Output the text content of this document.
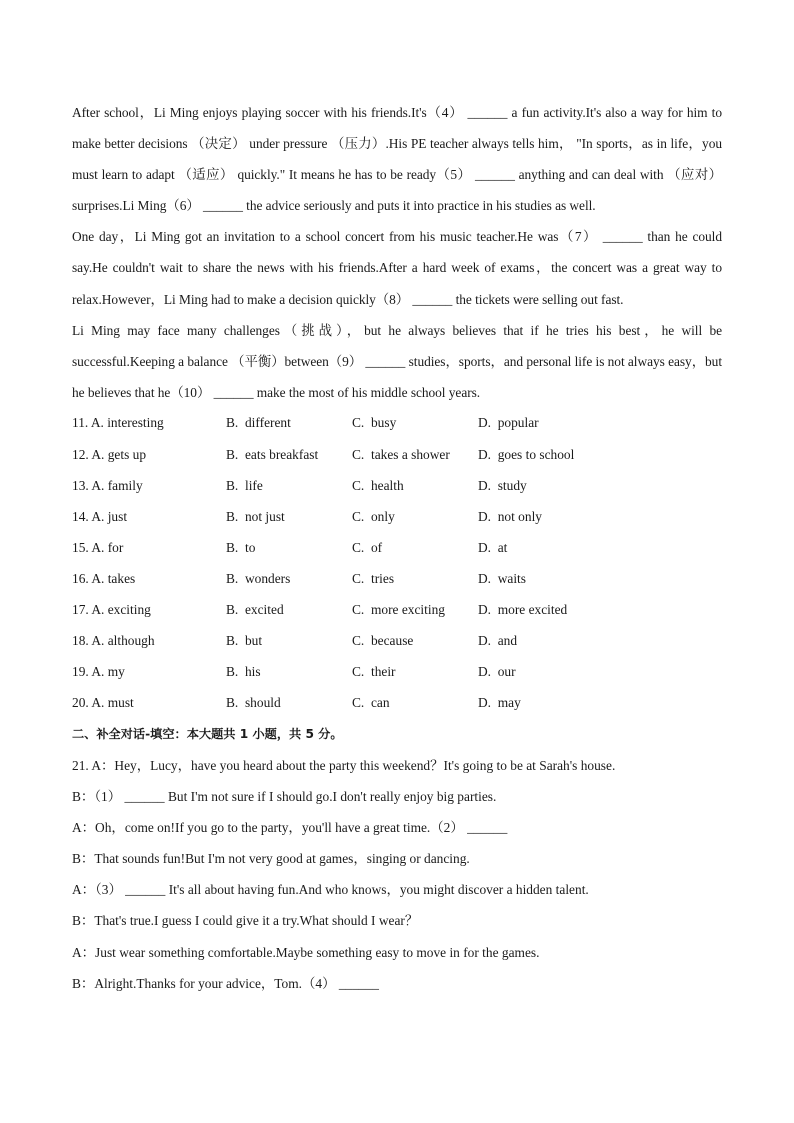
After school，Li Ming enjoys playing soccer with his friends.It's（4） ______ a fun activity.It's also a way for him to make better decisions （决定） under pressure （压力）.His PE teacher always tells him， "In sports，as in life，you must learn to adapt （适应） quickly." It means he has to be ready（5） ______ anything and can deal with （应对） surprises.Li Ming（6） ______ the advice seriously and puts it into practice in his studies as well.

One day，Li Ming got an invitation to a school concert from his music teacher.He was（7） ______ than he could say.He couldn't wait to share the news with his friends.After a hard week of exams，the concert was a great way to relax.However，Li Ming had to make a decision quickly（8） ______ the tickets were selling out fast.

Li Ming may face many challenges（挑战），but he always believes that if he tries his best，he will be successful.Keeping a balance （平衡）between（9） ______ studies，sports，and personal life is not always easy，but he believes that he（10） ______ make the most of his middle school years.

11. A. interesting	B.  different	C.  busy	D.  popular
12. A. gets up	B.  eats breakfast	C.  takes a shower	D.  goes to school
13. A. family	B.  life	C.  health	D.  study
14. A. just	B.  not just	C.  only	D.  not only
15. A. for	B.  to	C.  of	D.  at
16. A. takes	B.  wonders	C.  tries	D.  waits
17. A. exciting	B.  excited	C.  more exciting	D.  more excited
18. A. although	B.  but	C.  because	D.  and
19. A. my	B.  his	C.  their	D.  our
20. A. must	B.  should	C.  can	D.  may
二、补全对话-填空：本大题共 1 小题，共 5 分。

21. A：Hey，Lucy，have you heard about the party this weekend？It's going to be at Sarah's house.

B：（1） ______ But I'm not sure if I should go.I don't really enjoy big parties.

A：Oh，come on!If you go to the party，you'll have a great time.（2） ______

B：That sounds fun!But I'm not very good at games，singing or dancing.

A：（3） ______ It's all about having fun.And who knows，you might discover a hidden talent.

B：That's true.I guess I could give it a try.What should I wear？

A：Just wear something comfortable.Maybe something easy to move in for the games.

B：Alright.Thanks for your advice，Tom.（4） ______
